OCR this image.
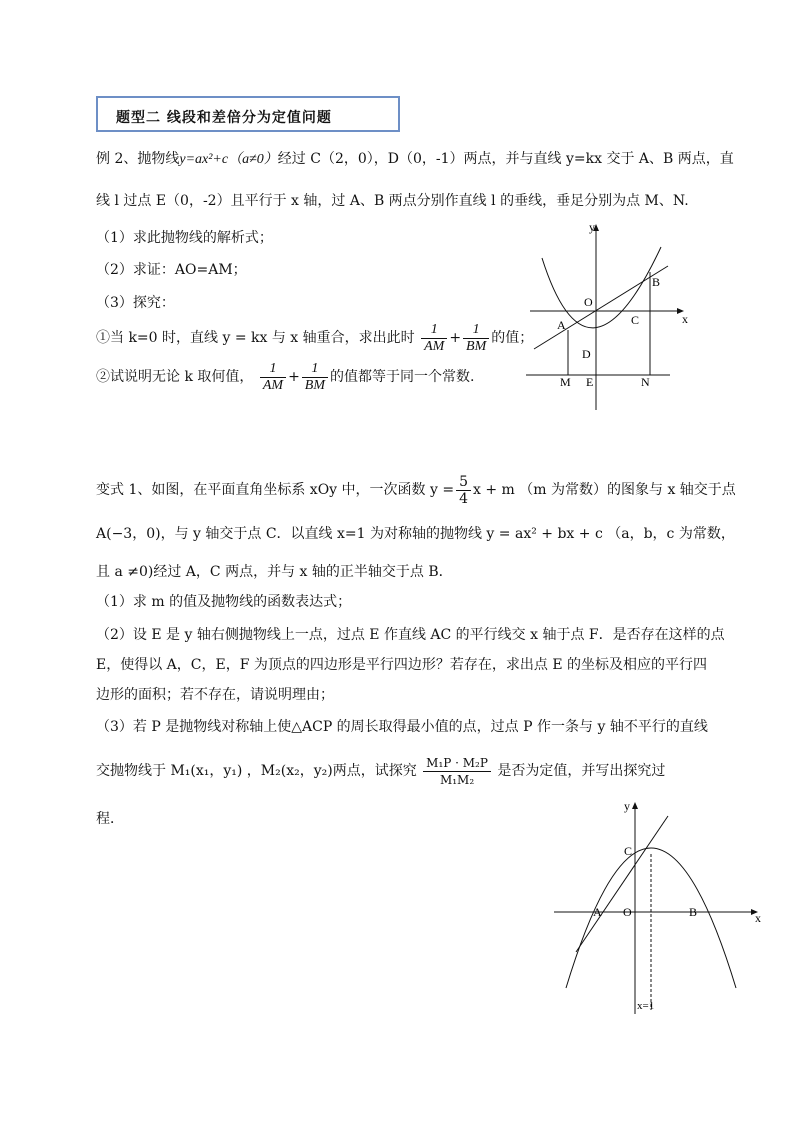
题型二 线段和差倍分为定值问题
例 2、抛物线y=ax²+c（a≠0）经过 C（2，0），D（0，-1）两点，并与直线 y=kx 交于 A、B 两点，直
线 l 过点 E（0，-2）且平行于 x 轴，过 A、B 两点分别作直线 l 的垂线，垂足分别为点 M、N.
（1）求此抛物线的解析式；
（2）求证：AO=AM；
（3）探究：
①当 k=0 时，直线 y = kx 与 x 轴重合，求出此时 $\frac{1}{AM} + \frac{1}{BM}$ 的值；
②试说明无论 k 取何值， $\frac{1}{AM} + \frac{1}{BM}$ 的值都等于同一个常数.
y
x
O
A
B
C
D
M E	N
变式 1、如图，在平面直角坐标系 xOy 中，一次函数 $y = \frac{5}{4}$ x + m （m 为常数）的图象与 x 轴交于点
A(−3，0)，与 y 轴交于点 C．以直线 x=1 为对称轴的抛物线 y = ax² + bx + c （a，b，c 为常数，
且 a ≠0)经过 A，C 两点，并与 x 轴的正半轴交于点 B．
（1）求 m 的值及抛物线的函数表达式；
（2）设 E 是 y 轴右侧抛物线上一点，过点 E 作直线 AC 的平行线交 x 轴于点 F．是否存在这样的点
E，使得以 A，C，E，F 为顶点的四边形是平行四边形？若存在，求出点 E 的坐标及相应的平行四
边形的面积；若不存在，请说明理由；
（3）若 P 是抛物线对称轴上使△ACP 的周长取得最小值的点，过点 P 作一条与 y 轴不平行的直线
交抛物线于 M₁(x₁，y₁) ，M₂(x₂，y₂)两点，试探究 $\frac{\text{M₁P · M₂P}}{\text{M₁M₂}}$ 是否为定值，并写出探究过
程．
y
x
O
A	B
C
x=1
